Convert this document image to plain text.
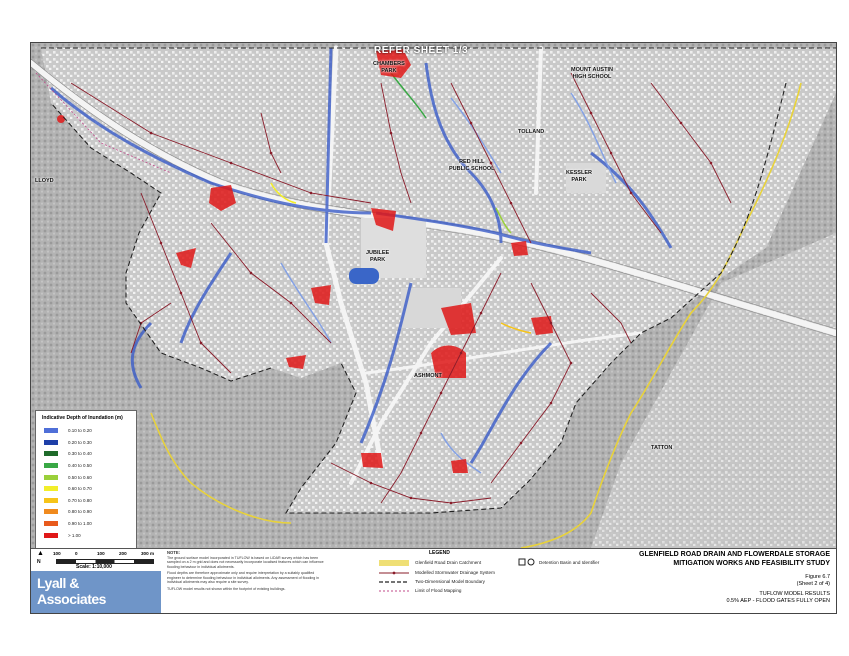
REFER SHEET 1/3
CHAMBERS
PARK	MOUNT AUSTIN
HIGH SCHOOL
RED HILL
PUBLIC SCHOOL
KESSLER
PARK
JUBILEE
PARK
LLOYD
TOLLAND
ASHMONT
TATTON
Indicative Depth of Inundation (m)
0.10 to 0.20
0.20 to 0.30
0.30 to 0.40
0.40 to 0.50
0.50 to 0.60
0.60 to 0.70
0.70 to 0.80
0.80 to 0.90
0.90 to 1.00
> 1.00
▲
N
100	0	100	200	300 m
Scale: 1:10,000
Lyall &
Associates
NOTE:

The ground surface model incorporated in TUFLOW is based on LiDAR survey which has been sampled on a 2 m grid and does not necessarily incorporate localised features which can influence flooding behaviour in individual allotments.

Flood depths are therefore approximate only and require interpretation by a suitably qualified engineer to determine flooding behaviour in individual allotments. Any assessment of flooding in individual allotments may also require a site survey.

TUFLOW model results not shown within the footprint of existing buildings.

LEGEND
Glenfield Road Drain Catchment
Modelled Stormwater Drainage System
Two-Dimensional Model Boundary
Limit of Flood Mapping
Detention Basin and Identifier
GLENFIELD ROAD DRAIN AND FLOWERDALE STORAGE
MITIGATION WORKS AND FEASIBILITY STUDY
Figure 6.7
(Sheet 2 of 4)
TUFLOW MODEL RESULTS
0.5% AEP - FLOOD GATES FULLY OPEN
